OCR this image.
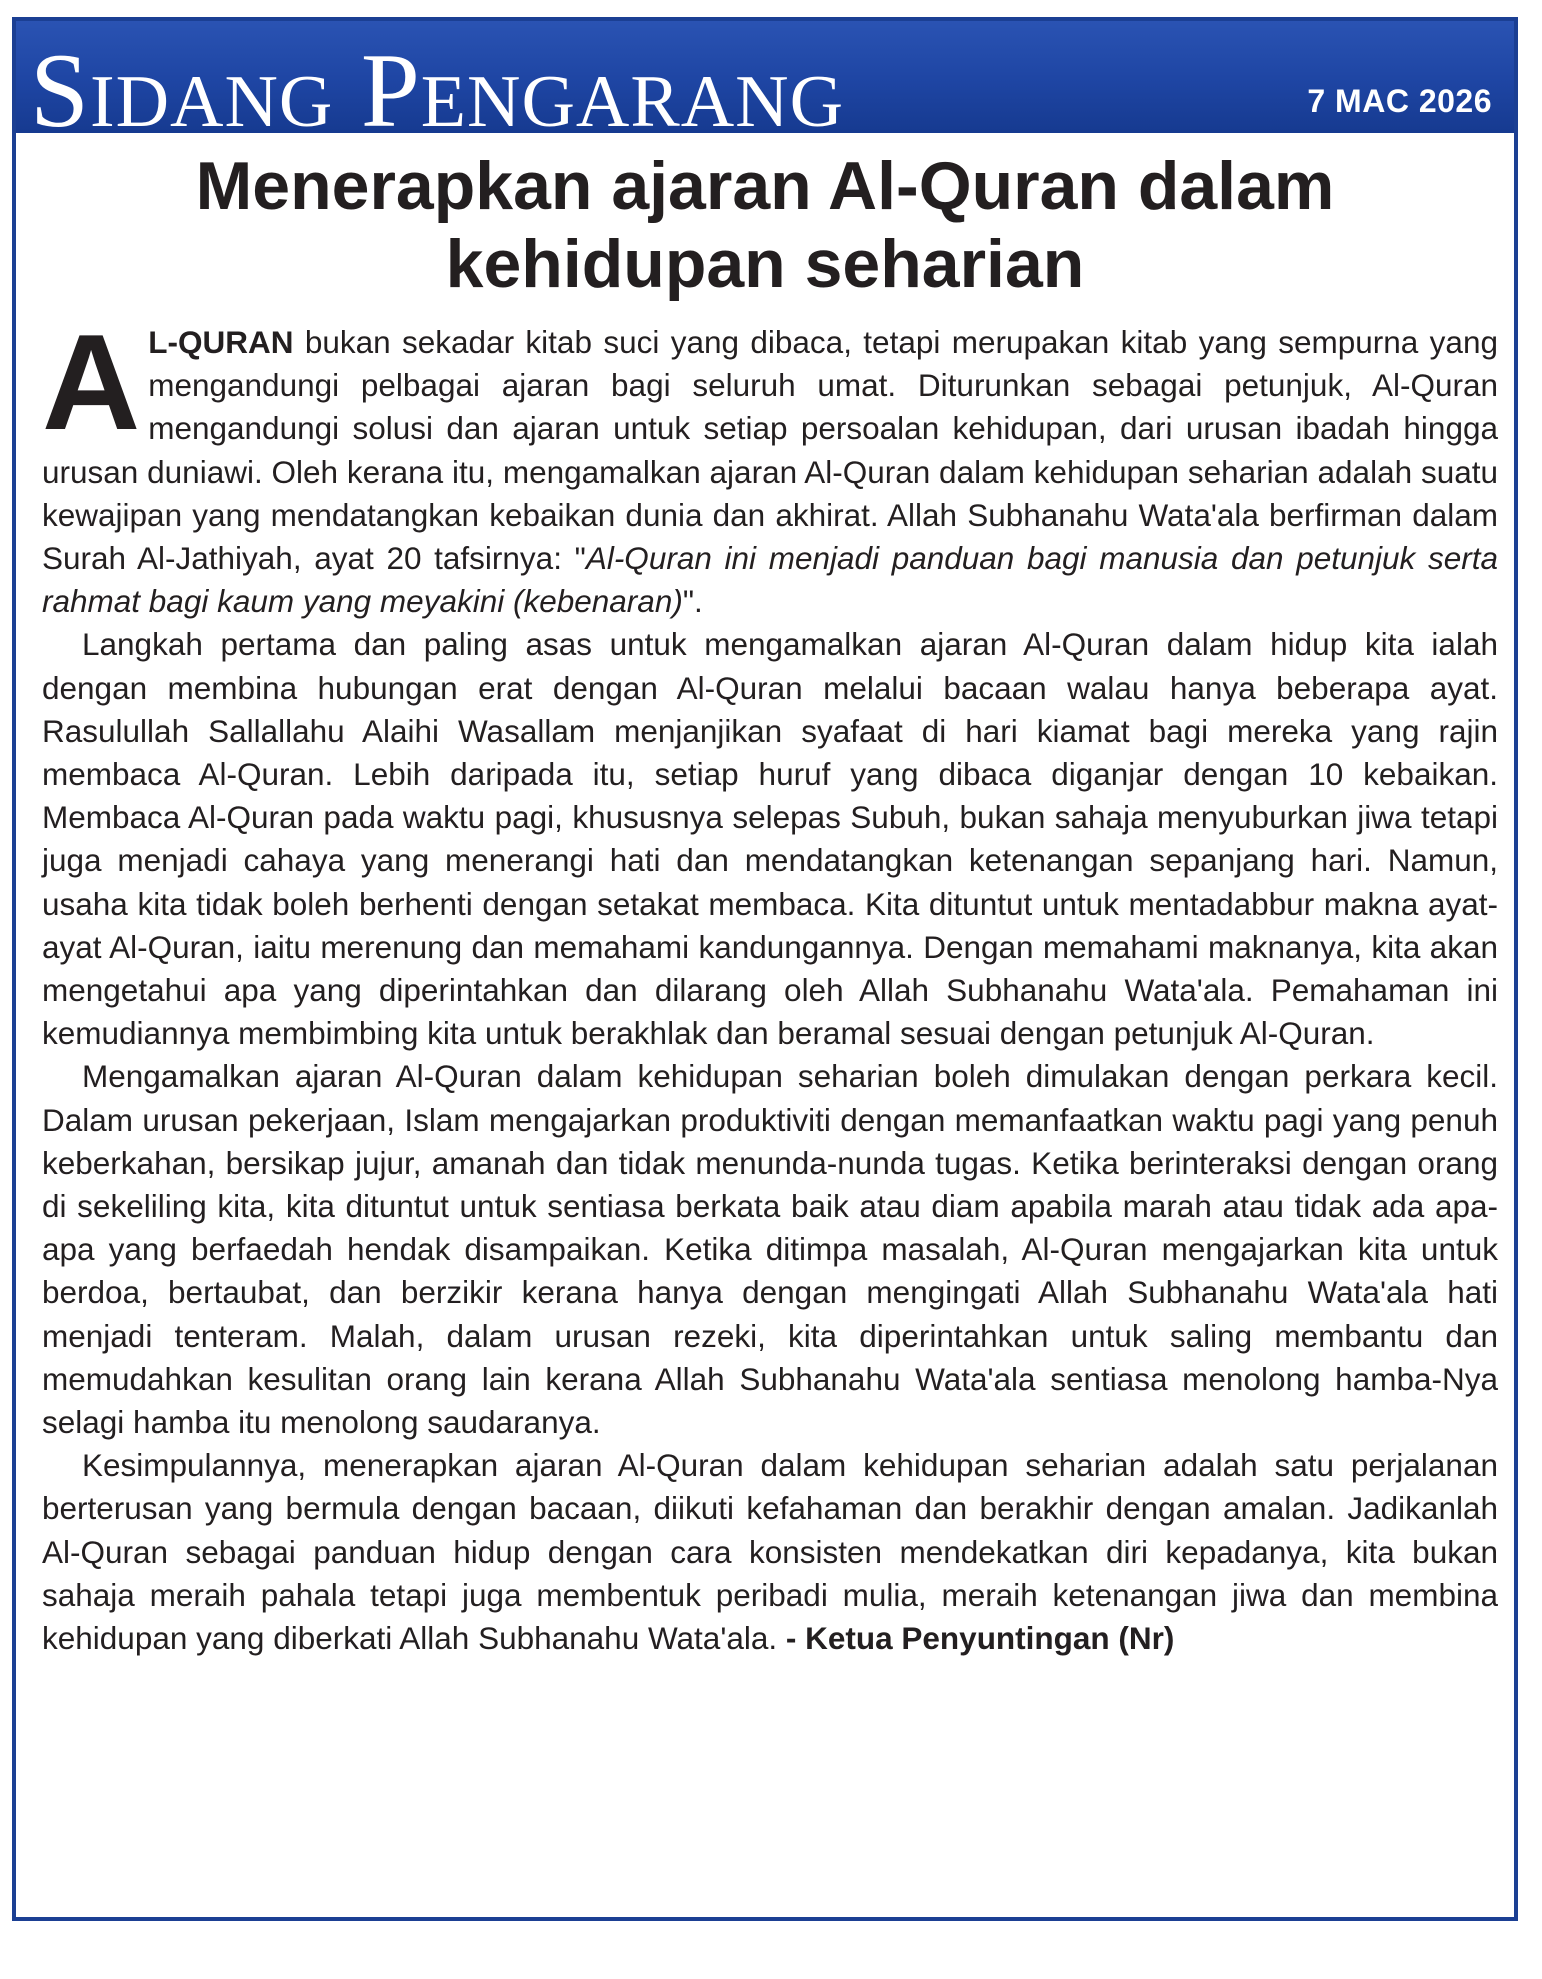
Sidang Pengarang	7 MAC 2026
Menerapkan ajaran Al-Quran dalam
kehidupan seharian

A L-QURAN bukan sekadar kitab suci yang dibaca, tetapi merupakan kitab yang sempurna yang mengandungi pelbagai ajaran bagi seluruh umat. Diturunkan sebagai petunjuk, Al-Quran mengandungi solusi dan ajaran untuk setiap persoalan kehidupan, dari urusan ibadah hingga urusan duniawi. Oleh kerana itu, mengamalkan ajaran Al-Quran dalam kehidupan seharian adalah suatu kewajipan yang mendatangkan kebaikan dunia dan akhirat. Allah Subhanahu Wata'ala berfirman dalam Surah Al-Jathiyah, ayat 20 tafsirnya: "Al-Quran ini menjadi panduan bagi manusia dan petunjuk serta rahmat bagi kaum yang meyakini (kebenaran)".

Langkah pertama dan paling asas untuk mengamalkan ajaran Al-Quran dalam hidup kita ialah dengan membina hubungan erat dengan Al-Quran melalui bacaan walau hanya beberapa ayat. Rasulullah Sallallahu Alaihi Wasallam menjanjikan syafaat di hari kiamat bagi mereka yang rajin membaca Al-Quran. Lebih daripada itu, setiap huruf yang dibaca diganjar dengan 10 kebaikan. Membaca Al-Quran pada waktu pagi, khususnya selepas Subuh, bukan sahaja menyuburkan jiwa tetapi juga menjadi cahaya yang menerangi hati dan mendatangkan ketenangan sepanjang hari. Namun, usaha kita tidak boleh berhenti dengan setakat membaca. Kita dituntut untuk mentadabbur makna ayat-ayat Al-Quran, iaitu merenung dan memahami kandungannya. Dengan memahami maknanya, kita akan mengetahui apa yang diperintahkan dan dilarang oleh Allah Subhanahu Wata'ala. Pemahaman ini kemudiannya membimbing kita untuk berakhlak dan beramal sesuai dengan petunjuk Al-Quran.

Mengamalkan ajaran Al-Quran dalam kehidupan seharian boleh dimulakan dengan perkara kecil. Dalam urusan pekerjaan, Islam mengajarkan produktiviti dengan memanfaatkan waktu pagi yang penuh keberkahan, bersikap jujur, amanah dan tidak menunda-nunda tugas. Ketika berinteraksi dengan orang di sekeliling kita, kita dituntut untuk sentiasa berkata baik atau diam apabila marah atau tidak ada apa-apa yang berfaedah hendak disampaikan. Ketika ditimpa masalah, Al-Quran mengajarkan kita untuk berdoa, bertaubat, dan berzikir kerana hanya dengan mengingati Allah Subhanahu Wata'ala hati menjadi tenteram. Malah, dalam urusan rezeki, kita diperintahkan untuk saling membantu dan memudahkan kesulitan orang lain kerana Allah Subhanahu Wata'ala sentiasa menolong hamba-Nya selagi hamba itu menolong saudaranya.

Kesimpulannya, menerapkan ajaran Al-Quran dalam kehidupan seharian adalah satu perjalanan berterusan yang bermula dengan bacaan, diikuti kefahaman dan berakhir dengan amalan. Jadikanlah Al-Quran sebagai panduan hidup dengan cara konsisten mendekatkan diri kepadanya, kita bukan sahaja meraih pahala tetapi juga membentuk peribadi mulia, meraih ketenangan jiwa dan membina kehidupan yang diberkati Allah Subhanahu Wata'ala. - Ketua Penyuntingan (Nr)
